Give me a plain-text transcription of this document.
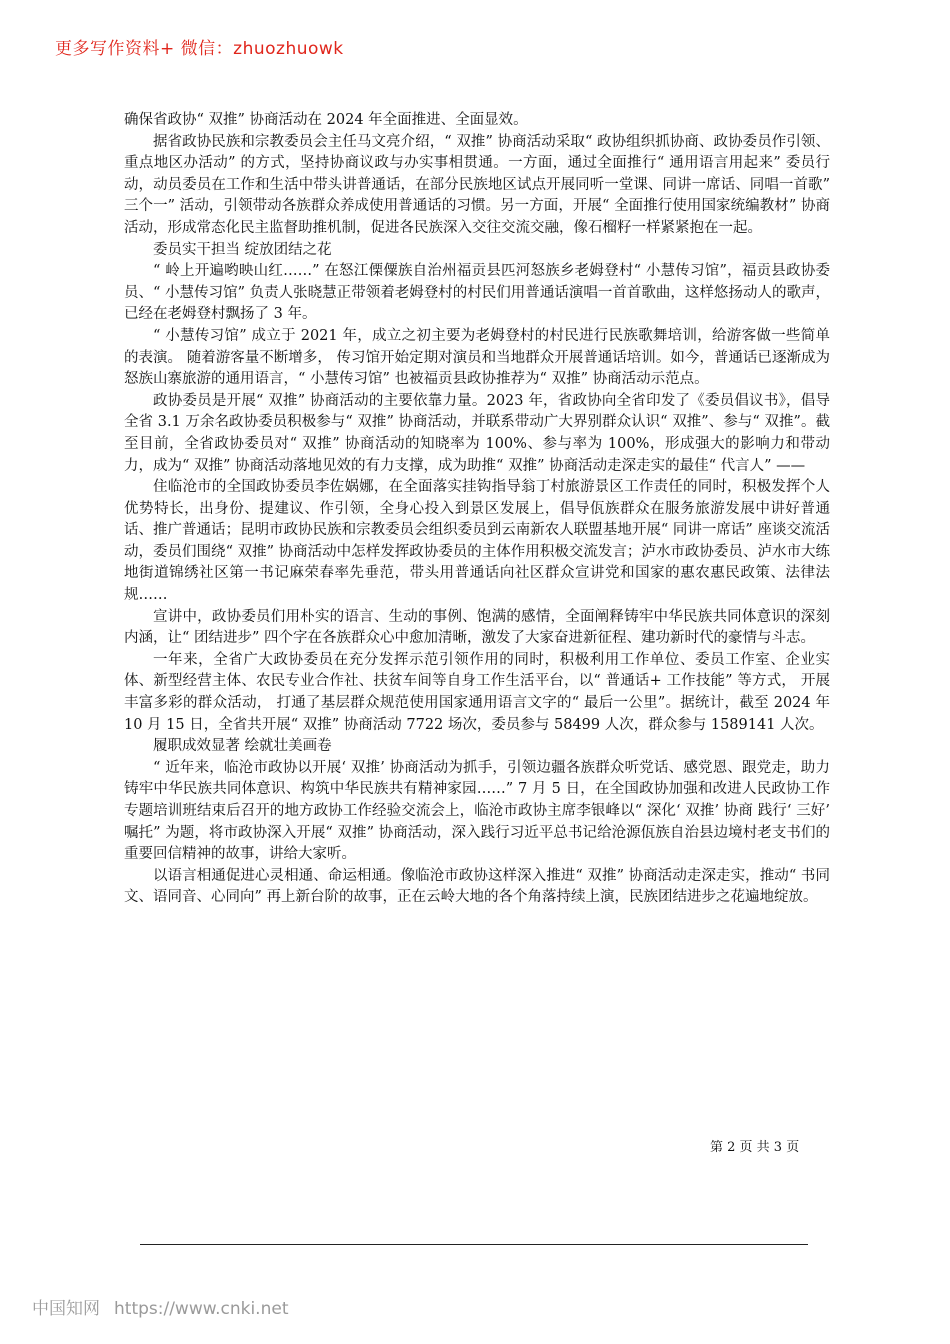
更多写作资料+ 微信：zhuozhuowk

确保省政协“ 双推” 协商活动在 2024 年全面推进、全面显效。

据省政协民族和宗教委员会主任马文亮介绍，“ 双推” 协商活动采取“ 政协组织抓协商、政协委员作引领、重点地区办活动” 的方式，坚持协商议政与办实事相贯通。一方面，通过全面推行“ 通用语言用起来” 委员行动，动员委员在工作和生活中带头讲普通话，在部分民族地区试点开展同听一堂课、同讲一席话、同唱一首歌” 三个一” 活动，引领带动各族群众养成使用普通话的习惯。另一方面，开展“ 全面推行使用国家统编教材” 协商活动，形成常态化民主监督助推机制，促进各民族深入交往交流交融，像石榴籽一样紧紧抱在一起。

委员实干担当 绽放团结之花

“ 岭上开遍哟映山红……” 在怒江傈僳族自治州福贡县匹河怒族乡老姆登村“ 小慧传习馆”，福贡县政协委员、“ 小慧传习馆” 负责人张晓慧正带领着老姆登村的村民们用普通话演唱一首首歌曲，这样悠扬动人的歌声，已经在老姆登村飘扬了 3 年。

“ 小慧传习馆” 成立于 2021 年，成立之初主要为老姆登村的村民进行民族歌舞培训，给游客做一些简单的表演。 随着游客量不断增多， 传习馆开始定期对演员和当地群众开展普通话培训。如今，普通话已逐渐成为怒族山寨旅游的通用语言，“ 小慧传习馆” 也被福贡县政协推荐为“ 双推” 协商活动示范点。

政协委员是开展“ 双推” 协商活动的主要依靠力量。2023 年，省政协向全省印发了《委员倡议书》，倡导全省 3.1 万余名政协委员积极参与“ 双推” 协商活动，并联系带动广大界别群众认识“ 双推”、参与“ 双推”。截至目前，全省政协委员对“ 双推” 协商活动的知晓率为 100%、参与率为 100%，形成强大的影响力和带动力，成为“ 双推” 协商活动落地见效的有力支撑，成为助推“ 双推” 协商活动走深走实的最佳“ 代言人” ——

住临沧市的全国政协委员李佐娲娜，在全面落实挂钩指导翁丁村旅游景区工作责任的同时，积极发挥个人优势特长，出身份、提建议、作引领，全身心投入到景区发展上，倡导佤族群众在服务旅游发展中讲好普通话、推广普通话；昆明市政协民族和宗教委员会组织委员到云南新农人联盟基地开展“ 同讲一席话” 座谈交流活动，委员们围绕“ 双推” 协商活动中怎样发挥政协委员的主体作用积极交流发言；泸水市政协委员、泸水市大练地街道锦绣社区第一书记麻荣春率先垂范，带头用普通话向社区群众宣讲党和国家的惠农惠民政策、法律法规……

宣讲中，政协委员们用朴实的语言、生动的事例、饱满的感情，全面阐释铸牢中华民族共同体意识的深刻内涵，让“ 团结进步” 四个字在各族群众心中愈加清晰，激发了大家奋进新征程、建功新时代的豪情与斗志。

一年来，全省广大政协委员在充分发挥示范引领作用的同时，积极利用工作单位、委员工作室、企业实体、新型经营主体、农民专业合作社、扶贫车间等自身工作生活平台，以“ 普通话+ 工作技能” 等方式， 开展丰富多彩的群众活动， 打通了基层群众规范使用国家通用语言文字的“ 最后一公里”。据统计，截至 2024 年 10 月 15 日，全省共开展“ 双推” 协商活动 7722 场次，委员参与 58499 人次，群众参与 1589141 人次。

履职成效显著 绘就壮美画卷

“ 近年来，临沧市政协以开展‘ 双推’ 协商活动为抓手，引领边疆各族群众听党话、感党恩、跟党走，助力铸牢中华民族共同体意识、构筑中华民族共有精神家园……” 7 月 5 日，在全国政协加强和改进人民政协工作专题培训班结束后召开的地方政协工作经验交流会上，临沧市政协主席李银峰以“ 深化‘ 双推’ 协商 践行‘ 三好’ 嘱托” 为题，将市政协深入开展“ 双推” 协商活动，深入践行习近平总书记给沧源佤族自治县边境村老支书们的重要回信精神的故事，讲给大家听。

以语言相通促进心灵相通、命运相通。像临沧市政协这样深入推进“ 双推” 协商活动走深走实，推动“ 书同文、语同音、心同向” 再上新台阶的故事，正在云岭大地的各个角落持续上演，民族团结进步之花遍地绽放。

第 2 页 共 3 页
中国知网 https://www.cnki.net
